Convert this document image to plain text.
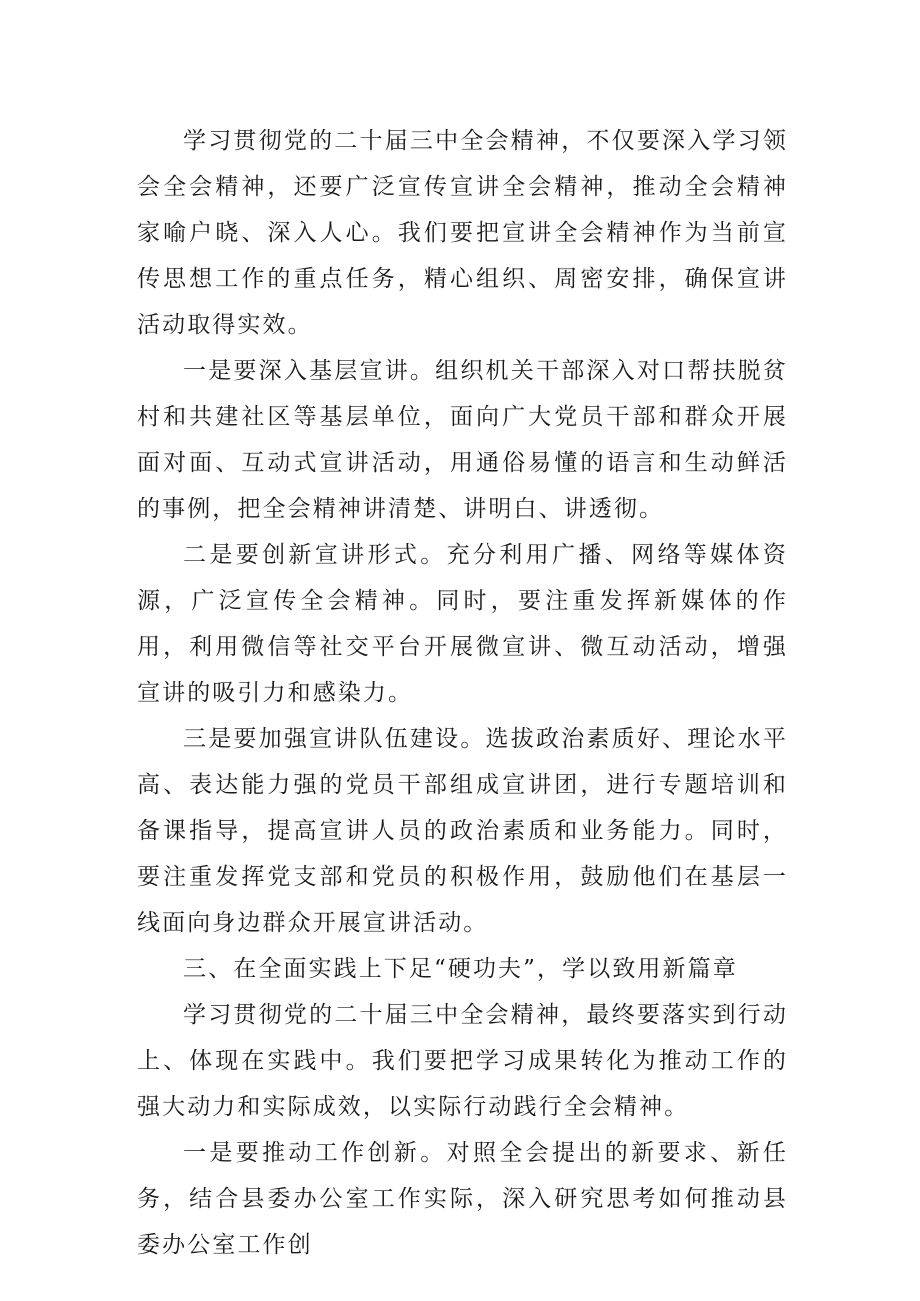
学习贯彻党的二十届三中全会精神，不仅要深入学习领会全会精神，还要广泛宣传宣讲全会精神，推动全会精神家喻户晓、深入人心。我们要把宣讲全会精神作为当前宣传思想工作的重点任务，精心组织、周密安排，确保宣讲活动取得实效。

一是要深入基层宣讲。组织机关干部深入对口帮扶脱贫村和共建社区等基层单位，面向广大党员干部和群众开展面对面、互动式宣讲活动，用通俗易懂的语言和生动鲜活的事例，把全会精神讲清楚、讲明白、讲透彻。

二是要创新宣讲形式。充分利用广播、网络等媒体资源，广泛宣传全会精神。同时，要注重发挥新媒体的作用，利用微信等社交平台开展微宣讲、微互动活动，增强宣讲的吸引力和感染力。

三是要加强宣讲队伍建设。选拔政治素质好、理论水平高、表达能力强的党员干部组成宣讲团，进行专题培训和备课指导，提高宣讲人员的政治素质和业务能力。同时，要注重发挥党支部和党员的积极作用，鼓励他们在基层一线面向身边群众开展宣讲活动。

三、在全面实践上下足“硬功夫”，学以致用新篇章

学习贯彻党的二十届三中全会精神，最终要落实到行动上、体现在实践中。我们要把学习成果转化为推动工作的强大动力和实际成效，以实际行动践行全会精神。

一是要推动工作创新。对照全会提出的新要求、新任务，结合县委办公室工作实际，深入研究思考如何推动县委办公室工作创
